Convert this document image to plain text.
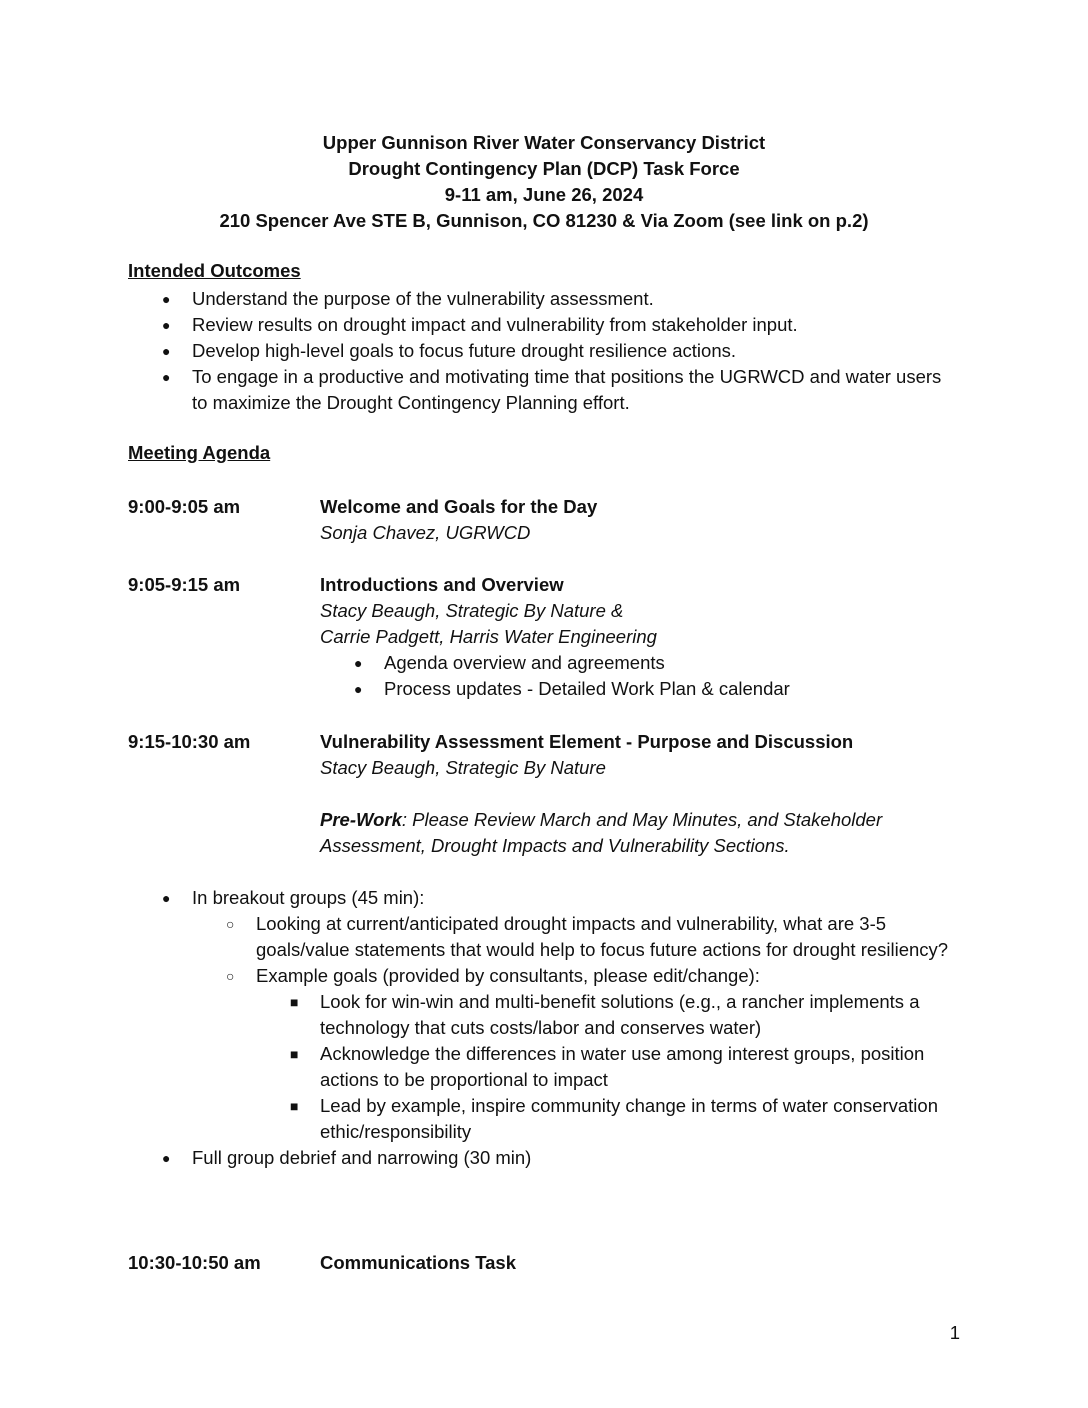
Upper Gunnison River Water Conservancy District
Drought Contingency Plan (DCP) Task Force
9-11 am, June 26, 2024
210 Spencer Ave STE B, Gunnison, CO 81230 & Via Zoom (see link on p.2)
Intended Outcomes
● Understand the purpose of the vulnerability assessment.
● Review results on drought impact and vulnerability from stakeholder input.
● Develop high-level goals to focus future drought resilience actions.
● To engage in a productive and motivating time that positions the UGRWCD and water users to maximize the Drought Contingency Planning effort.
Meeting Agenda
9:00-9:05 am	Welcome and Goals for the Day
Sonja Chavez, UGRWCD
9:05-9:15 am	Introductions and Overview
Stacy Beaugh, Strategic By Nature &
Carrie Padgett, Harris Water Engineering
● Agenda overview and agreements
● Process updates - Detailed Work Plan & calendar
9:15-10:30 am	Vulnerability Assessment Element - Purpose and Discussion
Stacy Beaugh, Strategic By Nature
Pre-Work: Please Review March and May Minutes, and Stakeholder Assessment, Drought Impacts and Vulnerability Sections.
● In breakout groups (45 min):
○ Looking at current/anticipated drought impacts and vulnerability, what are 3-5 goals/value statements that would help to focus future actions for drought resiliency?
○ Example goals (provided by consultants, please edit/change):
■ Look for win-win and multi-benefit solutions (e.g., a rancher implements a technology that cuts costs/labor and conserves water)
■ Acknowledge the differences in water use among interest groups, position actions to be proportional to impact
■ Lead by example, inspire community change in terms of water conservation ethic/responsibility
● Full group debrief and narrowing (30 min)
10:30-10:50 am	Communications Task
1
